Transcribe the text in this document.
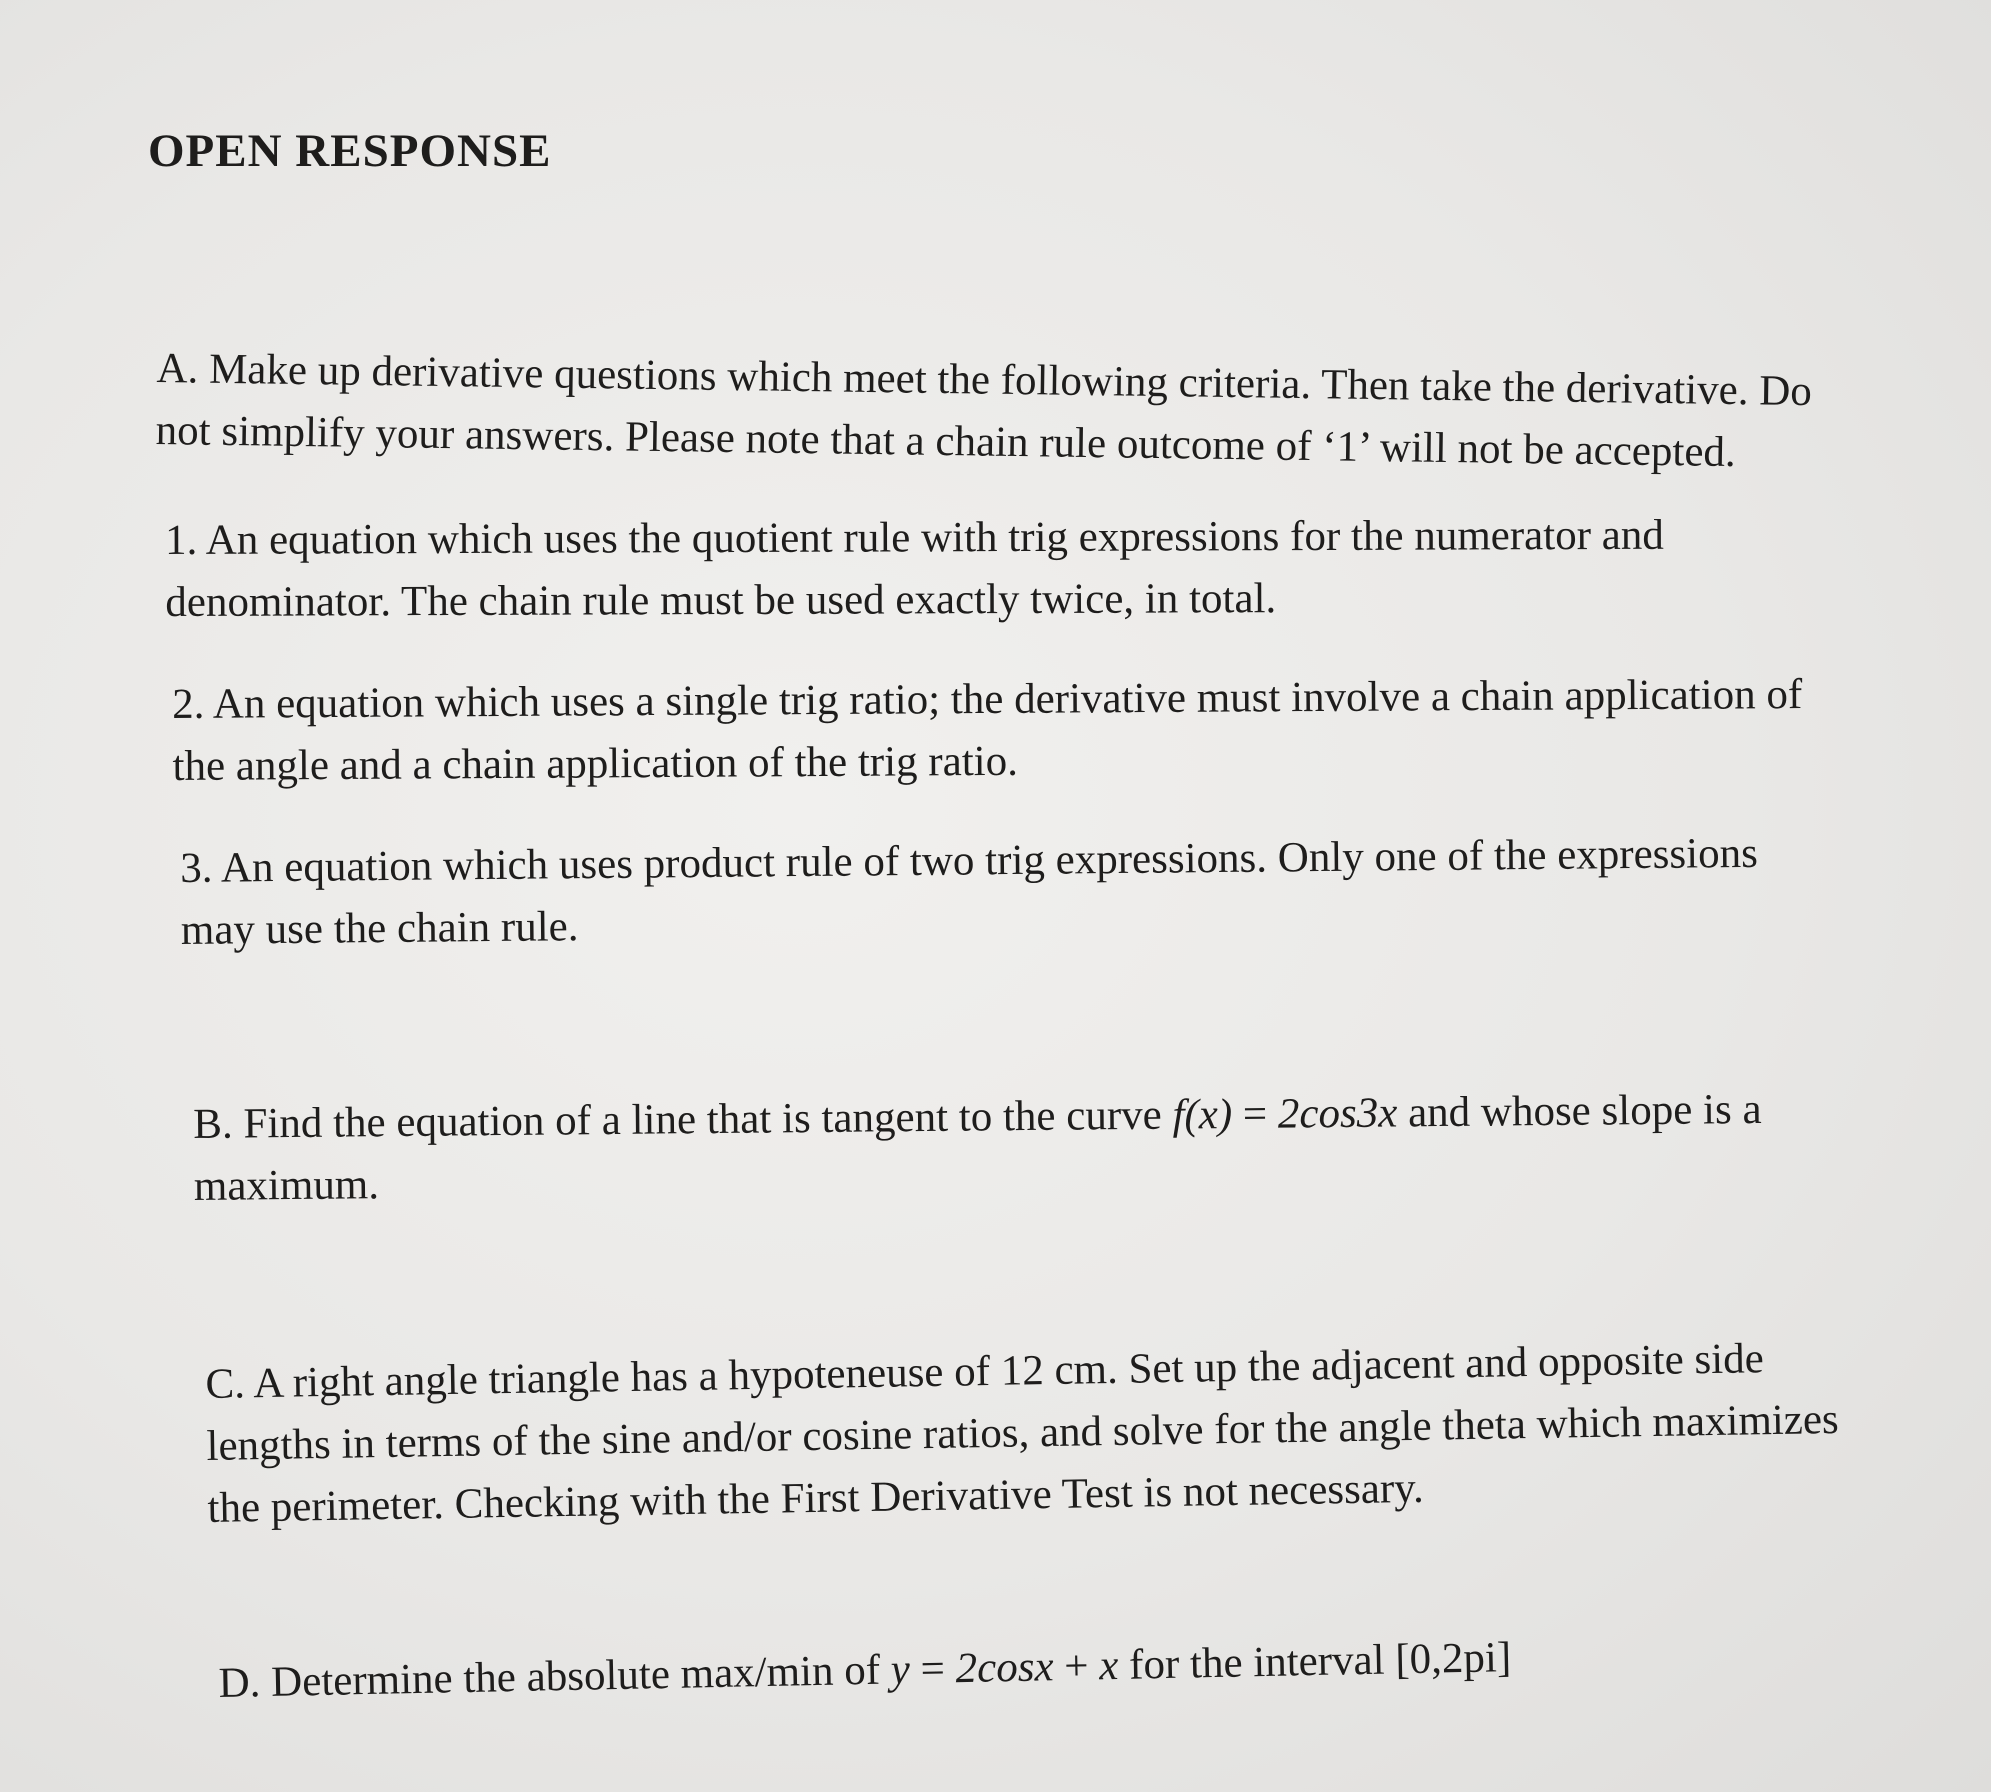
OPEN RESPONSE
A. Make up derivative questions which meet the following criteria. Then take the derivative. Do
not simplify your answers. Please note that a chain rule outcome of ‘1’ will not be accepted.
1. An equation which uses the quotient rule with trig expressions for the numerator and
denominator. The chain rule must be used exactly twice, in total.
2. An equation which uses a single trig ratio; the derivative must involve a chain application of
the angle and a chain application of the trig ratio.
3. An equation which uses product rule of two trig expressions. Only one of the expressions
may use the chain rule.
B. Find the equation of a line that is tangent to the curve f(x) = 2cos3x and whose slope is a
maximum.
C. A right angle triangle has a hypoteneuse of 12 cm. Set up the adjacent and opposite side
lengths in terms of the sine and/or cosine ratios, and solve for the angle theta which maximizes
the perimeter. Checking with the First Derivative Test is not necessary.
D. Determine the absolute max/min of y = 2cosx + x for the interval [0,2pi]
